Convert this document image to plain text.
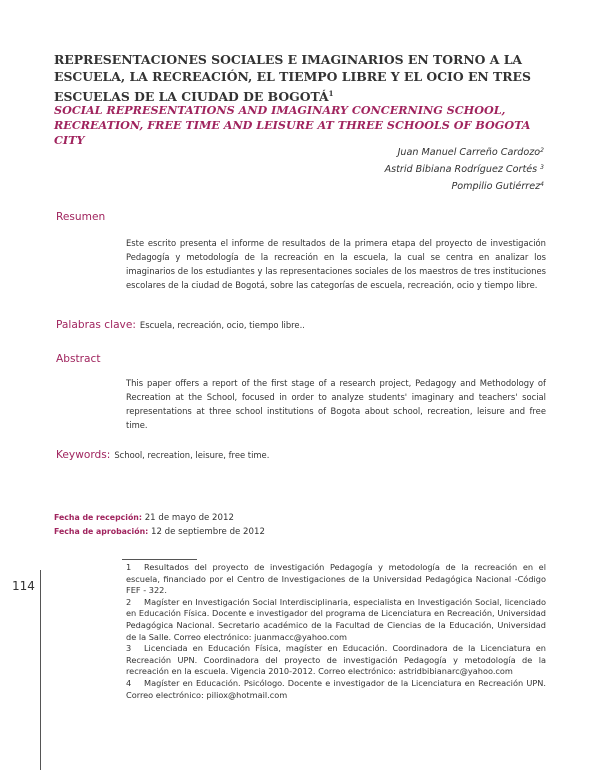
REPRESENTACIONES SOCIALES E IMAGINARIOS EN TORNO A LA ESCUELA, LA RECREACIÓN, EL TIEMPO LIBRE Y EL OCIO EN TRES ESCUELAS DE LA CIUDAD DE BOGOTÁ$^1$
SOCIAL REPRESENTATIONS AND IMAGINARY CONCERNING SCHOOL, RECREATION, FREE TIME AND LEISURE AT THREE SCHOOLS OF BOGOTA CITY
Juan Manuel Carreño Cardozo$^2$
Astrid Bibiana Rodríguez Cortés $^3$
Pompilio Gutiérrez$^4$
Resumen
Este escrito presenta el informe de resultados de la primera etapa del proyecto de investigación Pedagogía y metodología de la recreación en la escuela, la cual se centra en analizar los imaginarios de los estudiantes y las representaciones sociales de los maestros de tres instituciones escolares de la ciudad de Bogotá, sobre las categorías de escuela, recreación, ocio y tiempo libre.
Palabras clave: Escuela, recreación, ocio, tiempo libre..
Abstract
This paper offers a report of the first stage of a research project, Pedagogy and Methodology of Recreation at the School, focused in order to analyze students' imaginary and teachers' social representations at three school institutions of Bogota about school, recreation, leisure and free time.
Keywords: School, recreation, leisure, free time.
Fecha de recepción: 21 de mayo de 2012
Fecha de aprobación: 12 de septiembre de 2012
114

1 Resultados del proyecto de investigación Pedagogía y metodología de la recreación en el escuela, financiado por el Centro de Investigaciones de la Universidad Pedagógica Nacional -Código FEF - 322.

2 Magíster en Investigación Social Interdisciplinaria, especialista en Investigación Social, licenciado en Educación Física. Docente e investigador del programa de Licenciatura en Recreación, Universidad Pedagógica Nacional. Secretario académico de la Facultad de Ciencias de la Educación, Universidad de la Salle. Correo electrónico: juanmacc@yahoo.com

3 Licenciada en Educación Física, magíster en Educación. Coordinadora de la Licenciatura en Recreación UPN. Coordinadora del proyecto de investigación Pedagogía y metodología de la recreación en la escuela. Vigencia 2010-2012. Correo electrónico: astridbibianarc@yahoo.com

4 Magíster en Educación. Psicólogo. Docente e investigador de la Licenciatura en Recreación UPN. Correo electrónico: piliox@hotmail.com
